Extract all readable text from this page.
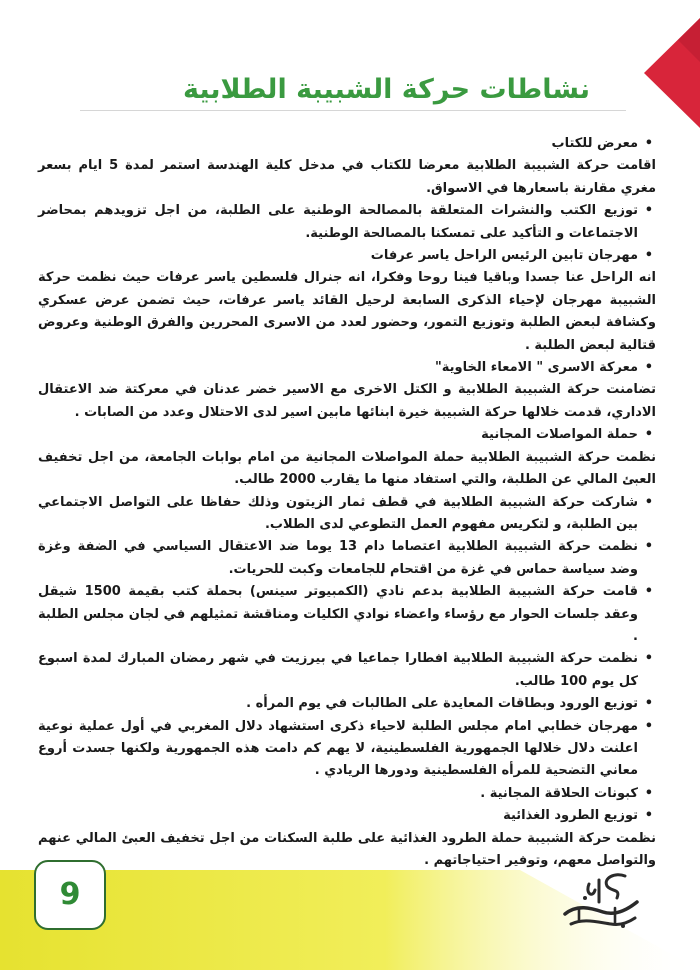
نشاطات حركة الشبيبة الطلابية

• معرض للكتاب

اقامت حركة الشبيبة الطلابية معرضا للكتاب في مدخل كلية الهندسة استمر لمدة 5 ايام بسعر مغري مقارنة باسعارها في الاسواق.

• توزيع الكتب والنشرات المتعلقة بالمصالحة الوطنية على الطلبة، من اجل تزويدهم بمحاضر الاجتماعات و التأكيد على تمسكنا بالمصالحة الوطنية.

• مهرجان تابين الرئيس الراحل ياسر عرفات

انه الراحل عنا جسدا وباقيا فينا روحا وفكرا، انه جنرال فلسطين ياسر عرفات حيث نظمت حركة الشبيبة مهرجان لإحياء الذكرى السابعة لرحيل القائد ياسر عرفات، حيث تضمن عرض عسكري وكشافة لبعض الطلبة وتوزيع التمور، وحضور لعدد من الاسرى المحررين والفرق الوطنية وعروض قتالية لبعض الطلبة .

• معركة الاسرى " الامعاء الخاوية"

تضامنت حركة الشبيبة الطلابية و الكتل الاخرى مع الاسير خضر عدنان في معركتة ضد الاعتقال الاداري، قدمت خلالها حركة الشبيبة خيرة ابنائها مابين اسير لدى الاحتلال وعدد من الصابات .

• حملة المواصلات المجانية

نظمت حركة الشبيبة الطلابية حملة المواصلات المجانية من امام بوابات الجامعة، من اجل تخفيف العبئ المالي عن الطلبة، والتي استفاد منها ما يقارب 2000 طالب.

• شاركت حركة الشبيبة الطلابية في قطف ثمار الزيتون وذلك حفاظا على التواصل الاجتماعي بين الطلبة، و لتكريس مفهوم العمل التطوعي لدى الطلاب.

• نظمت حركة الشبيبة الطلابية اعتصاما دام 13 يوما ضد الاعتقال السياسي في الضفة وغزة وضد سياسة حماس في غزة من اقتحام للجامعات وكبت للحريات.

• قامت حركة الشبيبة الطلابية بدعم نادي (الكمبيوتر سينس) بحملة كتب بقيمة 1500 شيقل وعقد جلسات الحوار مع رؤساء واعضاء نوادي الكليات ومناقشة تمثيلهم في لجان مجلس الطلبة .

• نظمت حركة الشبيبة الطلابية افطارا جماعيا في بيرزيت في شهر رمضان المبارك لمدة اسبوع كل يوم 100 طالب.

• توزيع الورود وبطاقات المعايدة على الطالبات في يوم المرأه .

• مهرجان خطابي امام مجلس الطلبة لاحياء ذكرى استشهاد دلال المغربي في أول عملية نوعية اعلنت دلال خلالها الجمهورية الفلسطينية، لا يهم كم دامت هذه الجمهورية ولكنها جسدت أروع معاني التضحية للمرأه الفلسطينية ودورها الريادي .

• كبونات الحلاقة المجانية .

• توزيع الطرود الغذائية

نظمت حركة الشبيبة حملة الطرود الغذائية على طلبة السكنات من اجل تخفيف العبئ المالي عنهم والتواصل معهم، وتوفير احتياجاتهم .

9
